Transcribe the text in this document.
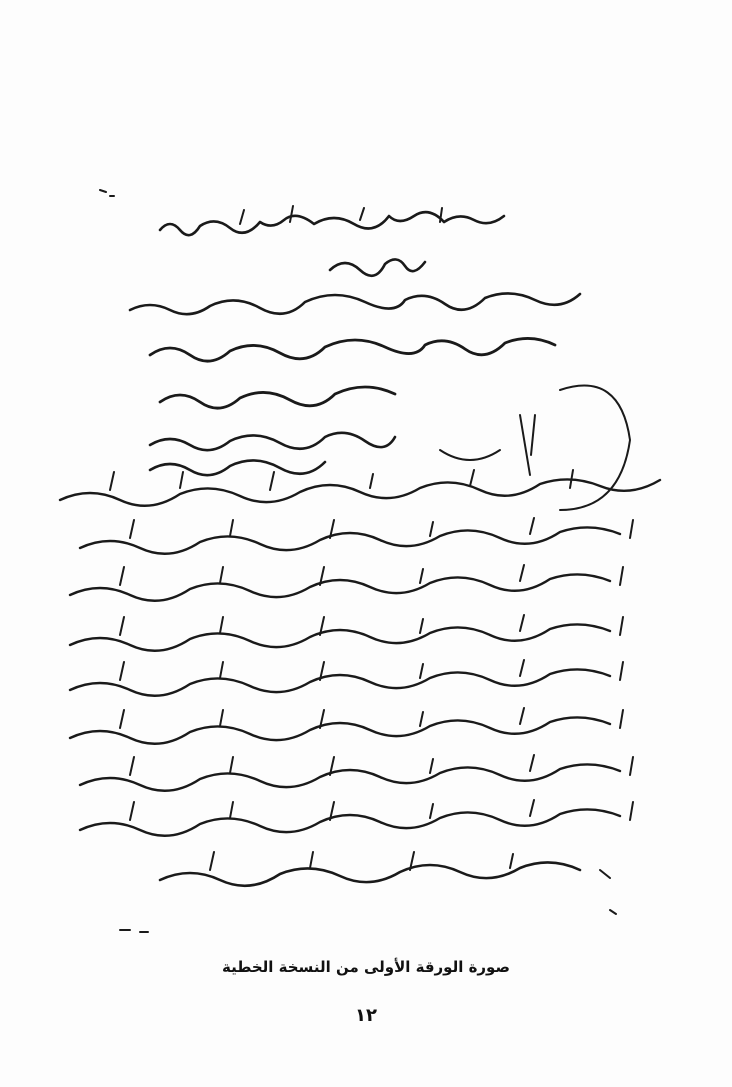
صورة الورقة الأولى من النسخة الخطية
١٢
